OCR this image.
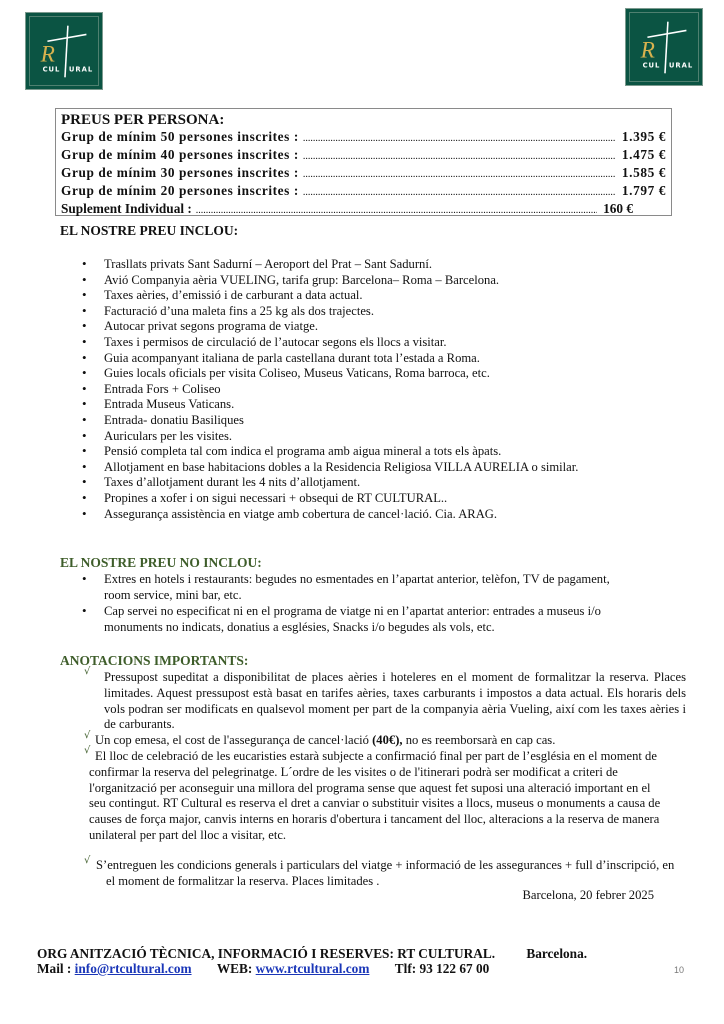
R
CUL URAL
R
CUL URAL
PREUS PER PERSONA:
Grup de mínim 50 persones inscrites : .....	1.395 €
Grup de mínim 40 persones inscrites : .....	1.475 €
Grup de mínim 30 persones inscrites : .....	1.585 €
Grup de mínim 20 persones inscrites : .....	1.797 €
Suplement Individual : .....	160 €
EL NOSTRE PREU INCLOU:
• Trasllats privats Sant Sadurní – Aeroport del Prat – Sant Sadurní.
• Avió Companyia aèria VUELING, tarifa grup: Barcelona– Roma – Barcelona.
• Taxes aèries, d’emissió i de carburant a data actual.
• Facturació d’una maleta fins a 25 kg als dos trajectes.
• Autocar privat segons programa de viatge.
• Taxes i permisos de circulació de l’autocar segons els llocs a visitar.
• Guia acompanyant italiana de parla castellana durant tota l’estada a Roma.
• Guies locals oficials per visita Coliseo, Museus Vaticans, Roma barroca, etc.
• Entrada Fors + Coliseo
• Entrada Museus Vaticans.
• Entrada- donatiu Basiliques
• Auriculars per les visites.
• Pensió completa tal com indica el programa amb aigua mineral a tots els àpats.
• Allotjament en base habitacions dobles a la Residencia Religiosa VILLA AURELIA o similar.
• Taxes d’allotjament durant les 4 nits d’allotjament.
• Propines a xofer i on sigui necessari + obsequi de RT CULTURAL..
• Assegurança assistència en viatge amb cobertura de cancel·lació. Cia. ARAG.
EL NOSTRE PREU NO INCLOU:
• Extres en hotels i restaurants: begudes no esmentades en l’apartat anterior, telèfon, TV de pagament, room service, mini bar, etc.
• Cap servei no especificat ni en el programa de viatge ni en l’apartat anterior: entrades a museus i/o monuments no indicats, donatius a esglésies, Snacks i/o begudes als vols, etc.
ANOTACIONS IMPORTANTS:
√ Pressupost supeditat a disponibilitat de places aèries i hoteleres en el moment de formalitzar la reserva. Places limitades. Aquest pressupost està basat en tarifes aèries, taxes carburants i impostos a data actual. Els horaris dels vols podran ser modificats en qualsevol moment per part de la companyia aèria Vueling, així com les taxes aèries i de carburants.
√ Un cop emesa, el cost de l'assegurança de cancel·lació (40€), no es reemborsarà en cap cas.
√ El lloc de celebració de les eucaristies estarà subjecte a confirmació final per part de l’església en el moment de confirmar la reserva del pelegrinatge. L´ordre de les visites o de l'itinerari podrà ser modificat a criteri de l'organització per aconseguir una millora del programa sense que aquest fet suposi una alteració important en el seu contingut. RT Cultural es reserva el dret a canviar o substituir visites a llocs, museus o monuments a causa de causes de força major, canvis interns en horaris d'obertura i tancament del lloc, alteracions a la reserva de manera unilateral per part del lloc a visitar, etc.
√ S’entreguen les condicions generals i particulars del viatge + informació de les assegurances + full d’inscripció, en el moment de formalitzar la reserva. Places limitades .
Barcelona, 20 febrer 2025
ORG ANITZACIÓ TÈCNICA, INFORMACIÓ I RESERVES: RT CULTURAL. Barcelona.
Mail : info@rtcultural.com WEB: www.rtcultural.com Tlf: 93 122 67 00	10
